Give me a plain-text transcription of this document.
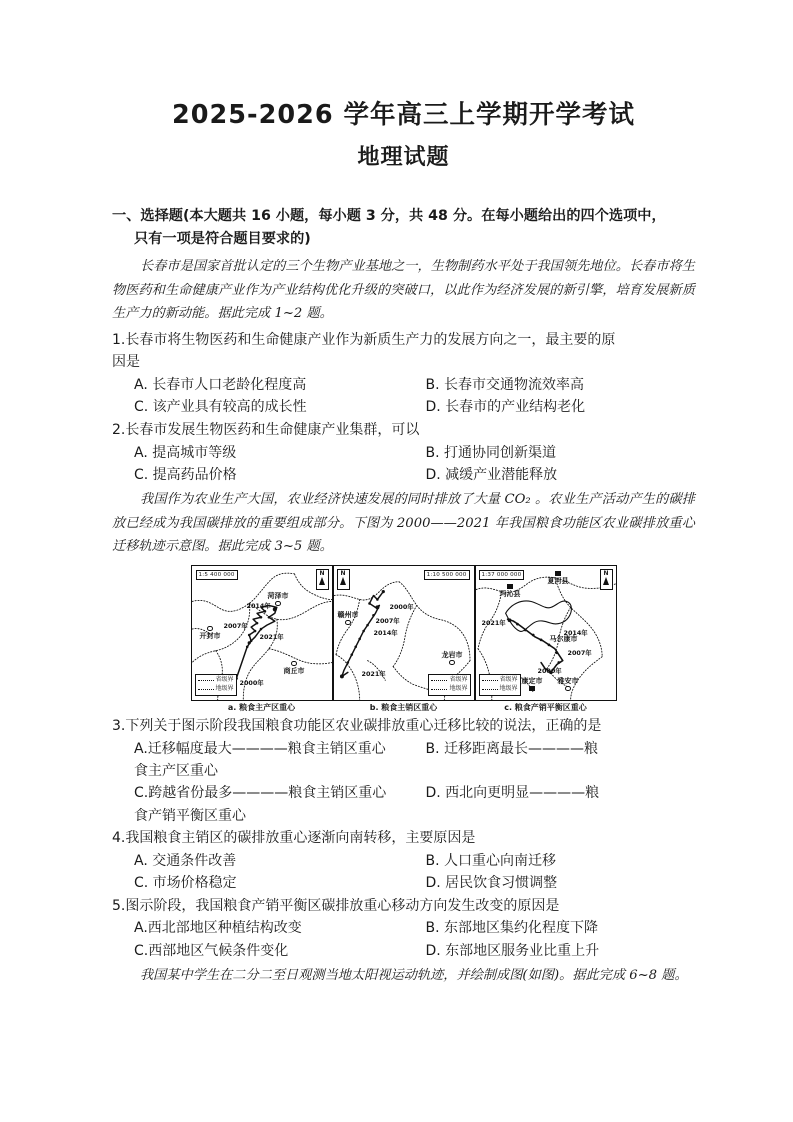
2025-2026 学年高三上学期开学考试
地理试题
一、选择题(本大题共 16 小题，每小题 3 分，共 48 分。在每小题给出的四个选项中，
只有一项是符合题目要求的)

长春市是国家首批认定的三个生物产业基地之一，生物制药水平处于我国领先地位。长春市将生物医药和生命健康产业作为产业结构优化升级的突破口，以此作为经济发展的新引擎，培育发展新质生产力的新动能。据此完成 1~2 题。

1.长春市将生物医药和生命健康产业作为新质生产力的发展方向之一，最主要的原
因是
A. 长春市人口老龄化程度高	B. 长春市交通物流效率高
C. 该产业具有较高的成长性	D. 长春市的产业结构老化
2.长春市发展生物医药和生命健康产业集群，可以
A. 提高城市等级	B. 打通协同创新渠道
C. 提高药品价格	D. 减缓产业潜能释放

我国作为农业生产大国，农业经济快速发展的同时排放了大量 CO₂ 。农业生产活动产生的碳排放已经成为我国碳排放的重要组成部分。下图为 2000——2021 年我国粮食功能区农业碳排放重心迁移轨迹示意图。据此完成 3~5 题。

1:5 400 000	N
菏泽市
开封市
商丘市
2014年
2007年
2021年
2000年
省级界
地级界
a. 粮食主产区重心
1:10 500 000
N
赣州市
龙岩市
2000年
2007年
2014年
2021年
省级界
地级界
b. 粮食主销区重心
1:37 000 000	N
夏河县
玛沁县
马尔康市
康定市 雅安市
2021年
2014年
2007年
2000年
省级界
地级界
c. 粮食产销平衡区重心
3.下列关于图示阶段我国粮食功能区农业碳排放重心迁移比较的说法，正确的是
A.迁移幅度最大————粮食主销区重心	B. 迁移距离最长————粮
食主产区重心
C.跨越省份最多————粮食主销区重心	D. 西北向更明显————粮
食产销平衡区重心
4.我国粮食主销区的碳排放重心逐渐向南转移，主要原因是
A. 交通条件改善	B. 人口重心向南迁移
C. 市场价格稳定	D. 居民饮食习惯调整
5.图示阶段，我国粮食产销平衡区碳排放重心移动方向发生改变的原因是
A.西北部地区种植结构改变	B. 东部地区集约化程度下降
C.西部地区气候条件变化	D. 东部地区服务业比重上升

我国某中学生在二分二至日观测当地太阳视运动轨迹，并绘制成图(如图)。据此完成 6~8 题。
